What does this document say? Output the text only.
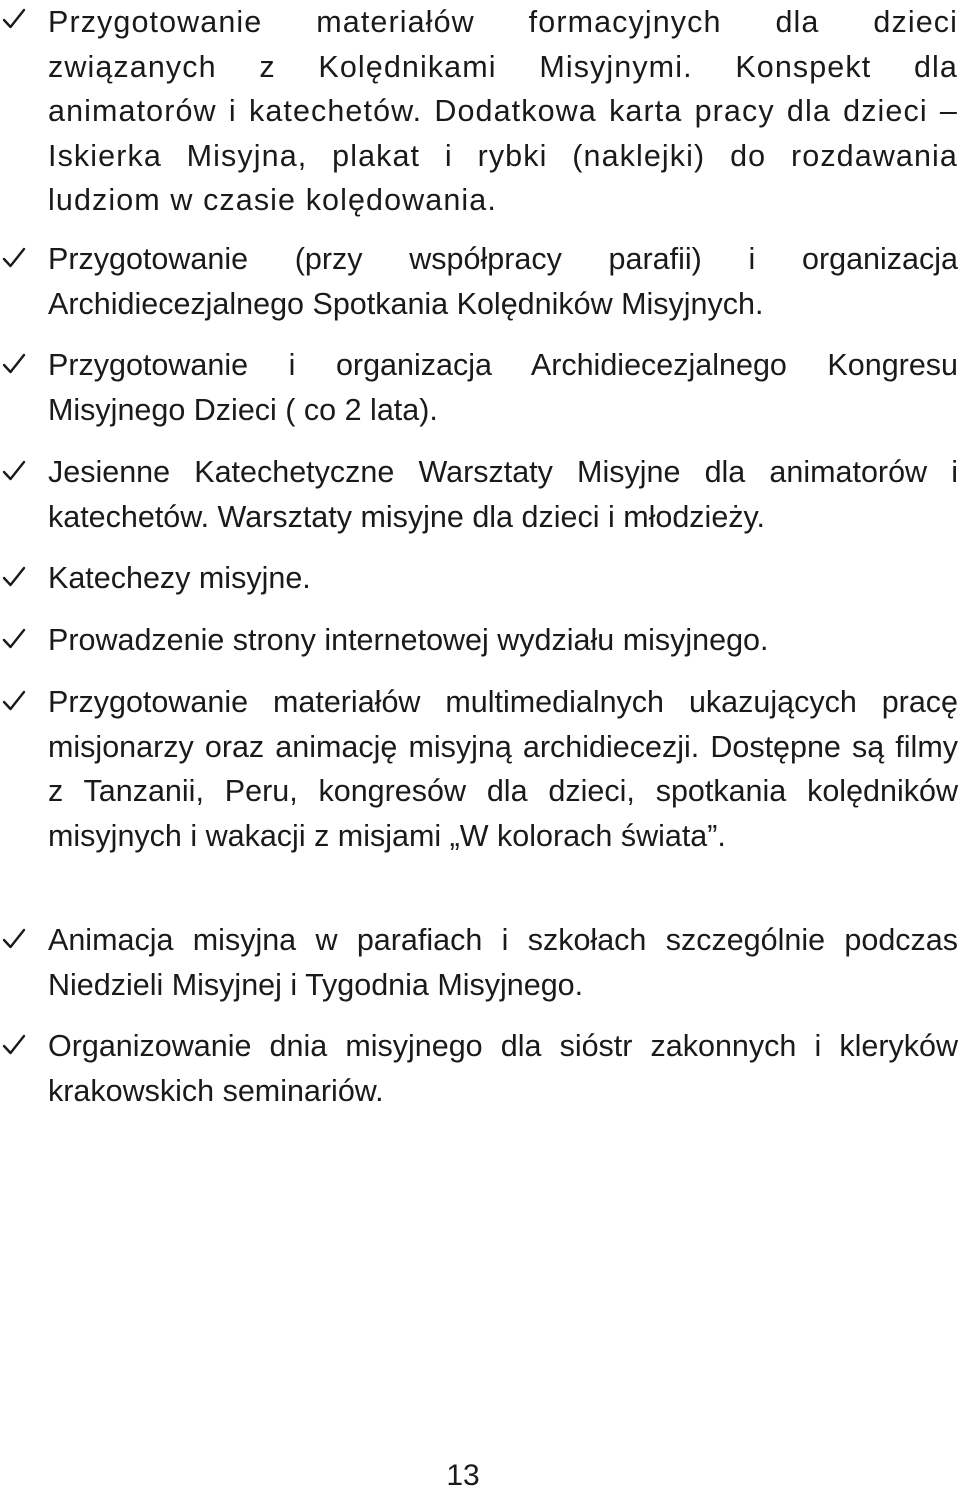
Przygotowanie materiałów formacyjnych dla dzieci związanych z Kolędnikami Misyjnymi. Konspekt dla animatorów i katechetów. Dodatkowa karta pracy dla dzieci – Iskierka Misyjna, plakat i rybki (naklejki) do rozdawania ludziom w czasie kolędowania.
Przygotowanie (przy współpracy parafii) i organizacja Archidiecezjalnego Spotkania Kolędników Misyjnych.
Przygotowanie i organizacja Archidiecezjalnego Kongresu Misyjnego Dzieci ( co 2 lata).
Jesienne Katechetyczne Warsztaty Misyjne dla animatorów i katechetów. Warsztaty misyjne dla dzieci i młodzieży.
Katechezy misyjne.
Prowadzenie strony internetowej wydziału misyjnego.
Przygotowanie materiałów multimedialnych ukazujących pracę misjonarzy oraz animację misyjną archidiecezji. Dostępne są filmy z Tanzanii, Peru, kongresów dla dzieci, spotkania kolędników misyjnych i wakacji z misjami „W kolorach świata”.
Animacja misyjna w parafiach i szkołach szczególnie podczas Niedzieli Misyjnej i Tygodnia Misyjnego.
Organizowanie dnia misyjnego dla sióstr zakonnych i kleryków krakowskich seminariów.
13
